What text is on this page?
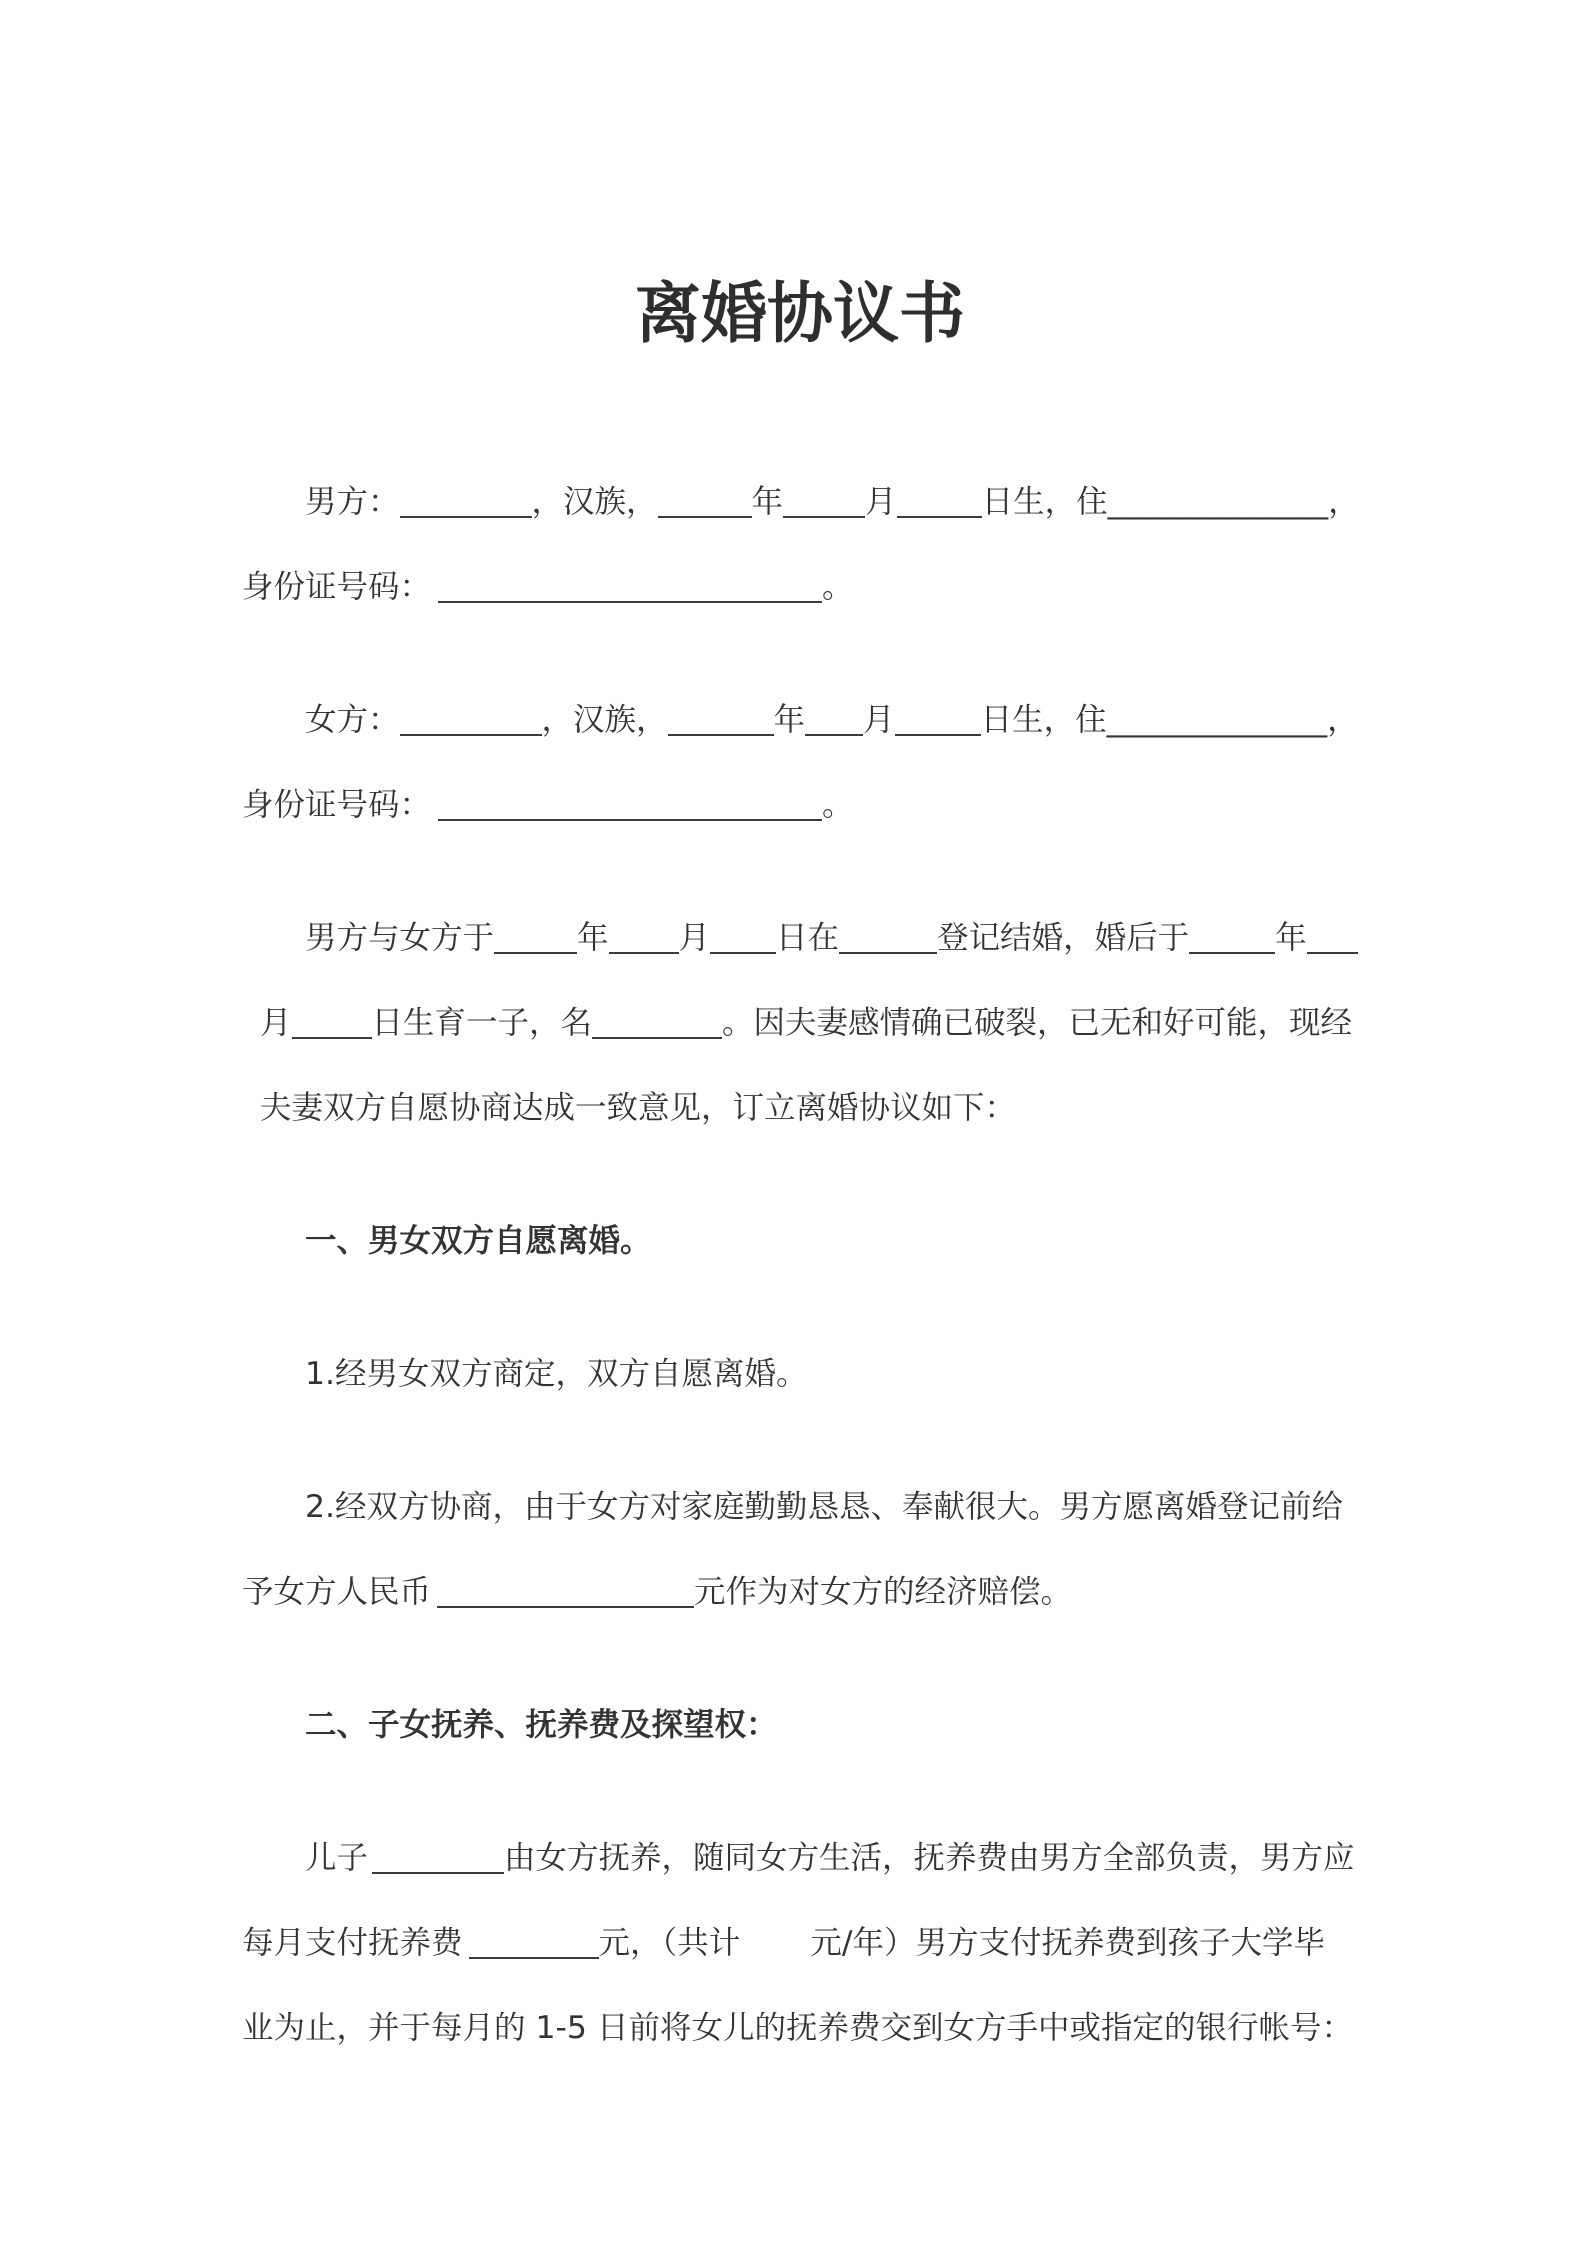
离婚协议书
男方：	，汉族，	年	月	日生，住______________，
身份证号码：	。
女方：	，汉族，	年 月	日生，住______________，
身份证号码：	。
男方与女方于	年 月 日在	登记结婚，婚后于	年
月	日生育一子，名	。因夫妻感情确已破裂，已无和好可能，现经
夫妻双方自愿协商达成一致意见，订立离婚协议如下：
一、男女双方自愿离婚。
1.经男女双方商定，双方自愿离婚。
2.经双方协商，由于女方对家庭勤勤恳恳、奉献很大。男方愿离婚登记前给
予女方人民币	元作为对女方的经济赔偿。
二、子女抚养、抚养费及探望权：
儿子	由女方抚养，随同女方生活，抚养费由男方全部负责，男方应
每月支付抚养费	元，（共计       元/年）男方支付抚养费到孩子大学毕
业为止，并于每月的 1-5 日前将女儿的抚养费交到女方手中或指定的银行帐号：
